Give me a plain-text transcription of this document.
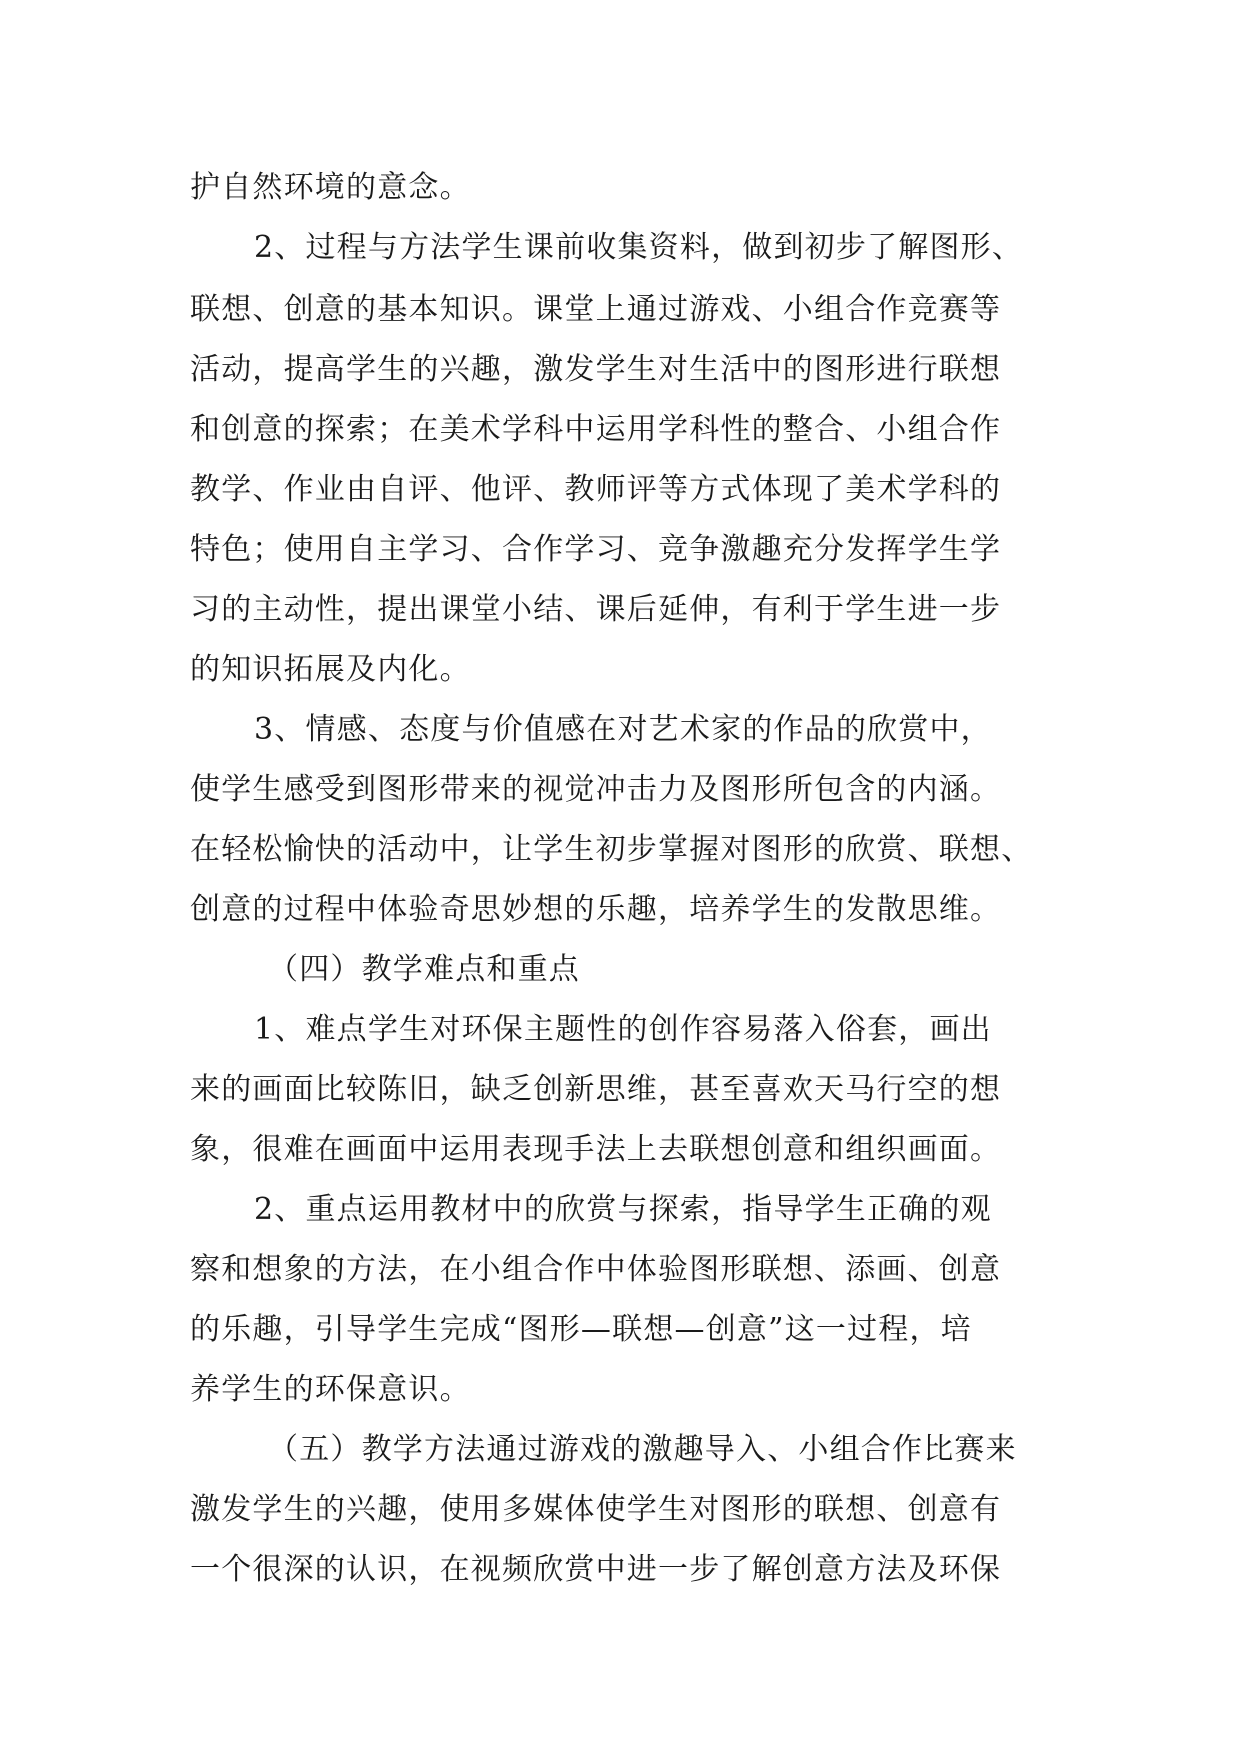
护自然环境的意念。
2、过程与方法学生课前收集资料，做到初步了解图形、
联想、创意的基本知识。课堂上通过游戏、小组合作竞赛等
活动，提高学生的兴趣，激发学生对生活中的图形进行联想
和创意的探索；在美术学科中运用学科性的整合、小组合作
教学、作业由自评、他评、教师评等方式体现了美术学科的
特色；使用自主学习、合作学习、竞争激趣充分发挥学生学
习的主动性，提出课堂小结、课后延伸，有利于学生进一步
的知识拓展及内化。
3、情感、态度与价值感在对艺术家的作品的欣赏中，
使学生感受到图形带来的视觉冲击力及图形所包含的内涵。
在轻松愉快的活动中，让学生初步掌握对图形的欣赏、联想、
创意的过程中体验奇思妙想的乐趣，培养学生的发散思维。
（四）教学难点和重点
1、难点学生对环保主题性的创作容易落入俗套，画出
来的画面比较陈旧，缺乏创新思维，甚至喜欢天马行空的想
象，很难在画面中运用表现手法上去联想创意和组织画面。
2、重点运用教材中的欣赏与探索，指导学生正确的观
察和想象的方法，在小组合作中体验图形联想、添画、创意
的乐趣，引导学生完成“图形—联想—创意”这一过程，培
养学生的环保意识。
（五）教学方法通过游戏的激趣导入、小组合作比赛来
激发学生的兴趣，使用多媒体使学生对图形的联想、创意有
一个很深的认识，在视频欣赏中进一步了解创意方法及环保
